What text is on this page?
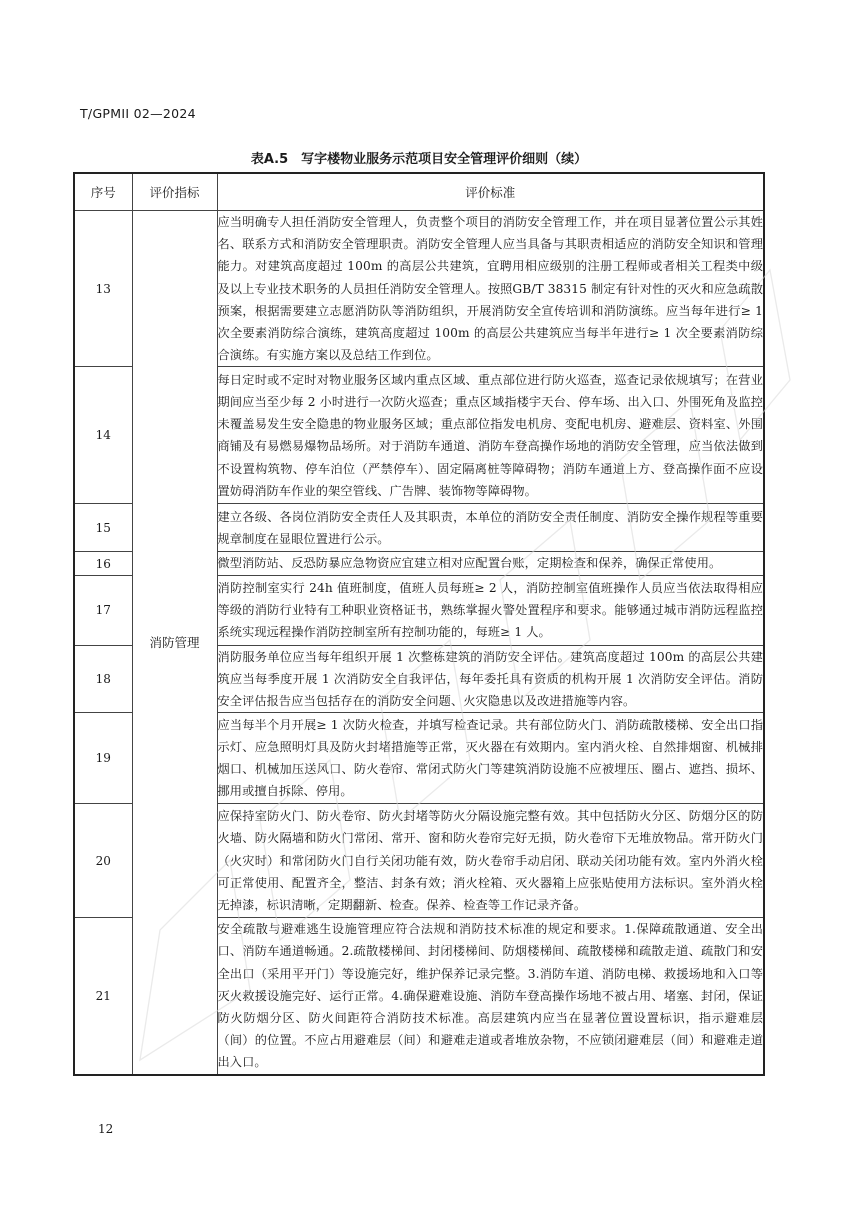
T/GPMII 02—2024
表A.5　写字楼物业服务示范项目安全管理评价细则（续）
序号	评价指标	评价标准
13	消防管理	应当明确专人担任消防安全管理人，负责整个项目的消防安全管理工作，并在项目显著位置公示其姓名、联系方式和消防安全管理职责。消防安全管理人应当具备与其职责相适应的消防安全知识和管理能力。对建筑高度超过 100m 的高层公共建筑，宜聘用相应级别的注册工程师或者相关工程类中级及以上专业技术职务的人员担任消防安全管理人。按照GB/T 38315 制定有针对性的灭火和应急疏散预案，根据需要建立志愿消防队等消防组织，开展消防安全宣传培训和消防演练。应当每年进行≥ 1 次全要素消防综合演练，建筑高度超过 100m 的高层公共建筑应当每半年进行≥ 1 次全要素消防综合演练。有实施方案以及总结工作到位。
14		每日定时或不定时对物业服务区域内重点区域、重点部位进行防火巡查，巡查记录依规填写；在营业期间应当至少每 2 小时进行一次防火巡查；重点区域指楼宇天台、停车场、出入口、外围死角及监控未覆盖易发生安全隐患的物业服务区域；重点部位指发电机房、变配电机房、避难层、资料室、外围商铺及有易燃易爆物品场所。对于消防车通道、消防车登高操作场地的消防安全管理，应当依法做到不设置构筑物、停车泊位（严禁停车）、固定隔离桩等障碍物；消防车通道上方、登高操作面不应设置妨碍消防车作业的架空管线、广告牌、装饰物等障碍物。
15		建立各级、各岗位消防安全责任人及其职责，本单位的消防安全责任制度、消防安全操作规程等重要规章制度在显眼位置进行公示。
16		微型消防站、反恐防暴应急物资应宜建立相对应配置台账，定期检查和保养，确保正常使用。
17		消防控制室实行 24h 值班制度，值班人员每班≥ 2 人，消防控制室值班操作人员应当依法取得相应等级的消防行业特有工种职业资格证书，熟练掌握火警处置程序和要求。能够通过城市消防远程监控系统实现远程操作消防控制室所有控制功能的，每班≥ 1 人。
18		消防服务单位应当每年组织开展 1 次整栋建筑的消防安全评估。建筑高度超过 100m 的高层公共建筑应当每季度开展 1 次消防安全自我评估，每年委托具有资质的机构开展 1 次消防安全评估。消防安全评估报告应当包括存在的消防安全问题、火灾隐患以及改进措施等内容。
19		应当每半个月开展≥ 1 次防火检查，并填写检查记录。共有部位防火门、消防疏散楼梯、安全出口指示灯、应急照明灯具及防火封堵措施等正常，灭火器在有效期内。室内消火栓、自然排烟窗、机械排烟口、机械加压送风口、防火卷帘、常闭式防火门等建筑消防设施不应被埋压、圈占、遮挡、损坏、挪用或擅自拆除、停用。
20		应保持室防火门、防火卷帘、防火封堵等防火分隔设施完整有效。其中包括防火分区、防烟分区的防火墙、防火隔墙和防火门常闭、常开、窗和防火卷帘完好无损，防火卷帘下无堆放物品。常开防火门（火灾时）和常闭防火门自行关闭功能有效，防火卷帘手动启闭、联动关闭功能有效。室内外消火栓可正常使用、配置齐全，整洁、封条有效；消火栓箱、灭火器箱上应张贴使用方法标识。室外消火栓无掉漆，标识清晰，定期翻新、检查。保养、检查等工作记录齐备。
21		安全疏散与避难逃生设施管理应符合法规和消防技术标准的规定和要求。1.保障疏散通道、安全出口、消防车通道畅通。2.疏散楼梯间、封闭楼梯间、防烟楼梯间、疏散楼梯和疏散走道、疏散门和安全出口（采用平开门）等设施完好，维护保养记录完整。3.消防车道、消防电梯、救援场地和入口等灭火救援设施完好、运行正常。4.确保避难设施、消防车登高操作场地不被占用、堵塞、封闭，保证防火防烟分区、防火间距符合消防技术标准。高层建筑内应当在显著位置设置标识，指示避难层（间）的位置。不应占用避难层（间）和避难走道或者堆放杂物，不应锁闭避难层（间）和避难走道出入口。
12
